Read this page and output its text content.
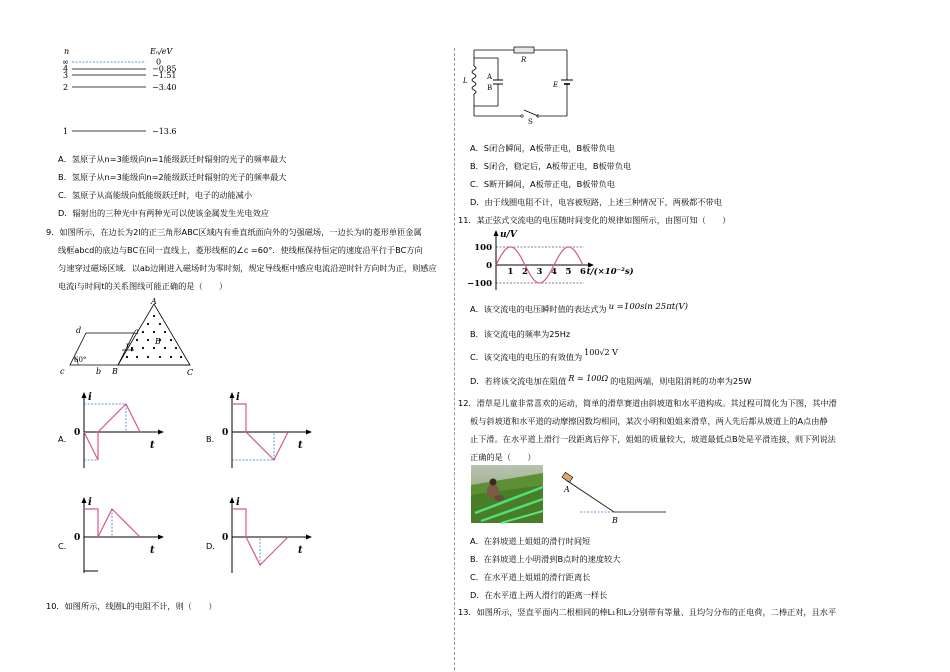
n	Eₙ/eV
∞
4
3
2
1
0
−0.85
−1.51
−3.40
−13.6
A．氢原子从n=3能级向n=1能级跃迁时辐射的光子的频率最大
B．氢原子从n=3能级向n=2能级跃迁时辐射的光子的频率最大
C．氢原子从高能级向低能级跃迁时，电子的动能减小
D．辐射出的三种光中有两种光可以使该金属发生光电效应
9．如图所示，在边长为2l的正三角形ABC区域内有垂直纸面向外的匀强磁场，一边长为l的菱形单匝金属
线框abcd的底边与BC在同一直线上，菱形线框的∠c =60°．使线框保持恒定的速度沿平行于BC方向
匀速穿过磁场区域．以ab边刚进入磁场时为零时刻，规定导线框中感应电流沿逆时针方向时为正，则感应
电流i与时间t的关系图线可能正确的是（　　）
v	B
A
B	C
a
b
c
d
60°
A．
i
t
0
B．
i
t
0
C．
i
t
0
D．
i
t
0
10．如图所示，线圈L的电阻不计，则（　　）
R
L	A
B	E
S
A．S闭合瞬间，A板带正电，B板带负电
B．S闭合，稳定后，A板带正电，B板带负电
C．S断开瞬间，A板带正电，B板带负电
D．由于线圈电阻不计，电容被短路，上述三种情况下，两极都不带电
11．某正弦式交流电的电压随时间变化的规律如图所示，由图可知（　　）
u/V
100
0
−100
1 2 3 4 5 6 t/(×10⁻²s)
A．该交流电的电压瞬时值的表达式为 u =100sin 25πt(V)
B．该交流电的频率为25Hz
C．该交流电的电压的有效值为 100√2 V
D．若将该交流电加在阻值 R = 100Ω 的电阻两端，则电阻消耗的功率为25W
12．滑草是儿童非常喜欢的运动，简单的滑草赛道由斜坡道和水平道构成。其过程可简化为下图，其中滑
板与斜坡道和水平道的动摩擦因数均相同，某次小明和姐姐来滑草，两人先后都从坡道上的A点由静
止下滑。在水平道上滑行一段距离后停下，姐姐的质量较大，坡道最低点B处是平滑连接，则下列说法
正确的是（　　）
A
B
A．在斜坡道上姐姐的滑行时间短
B．在斜坡道上小明滑到B点时的速度较大
C．在水平道上姐姐的滑行距离长
D．在水平道上两人滑行的距离一样长
13．如图所示，竖直平面内二根相同的棒L₁和L₂分别带有等量、且均匀分布的正电荷，二棒正对，且水平
